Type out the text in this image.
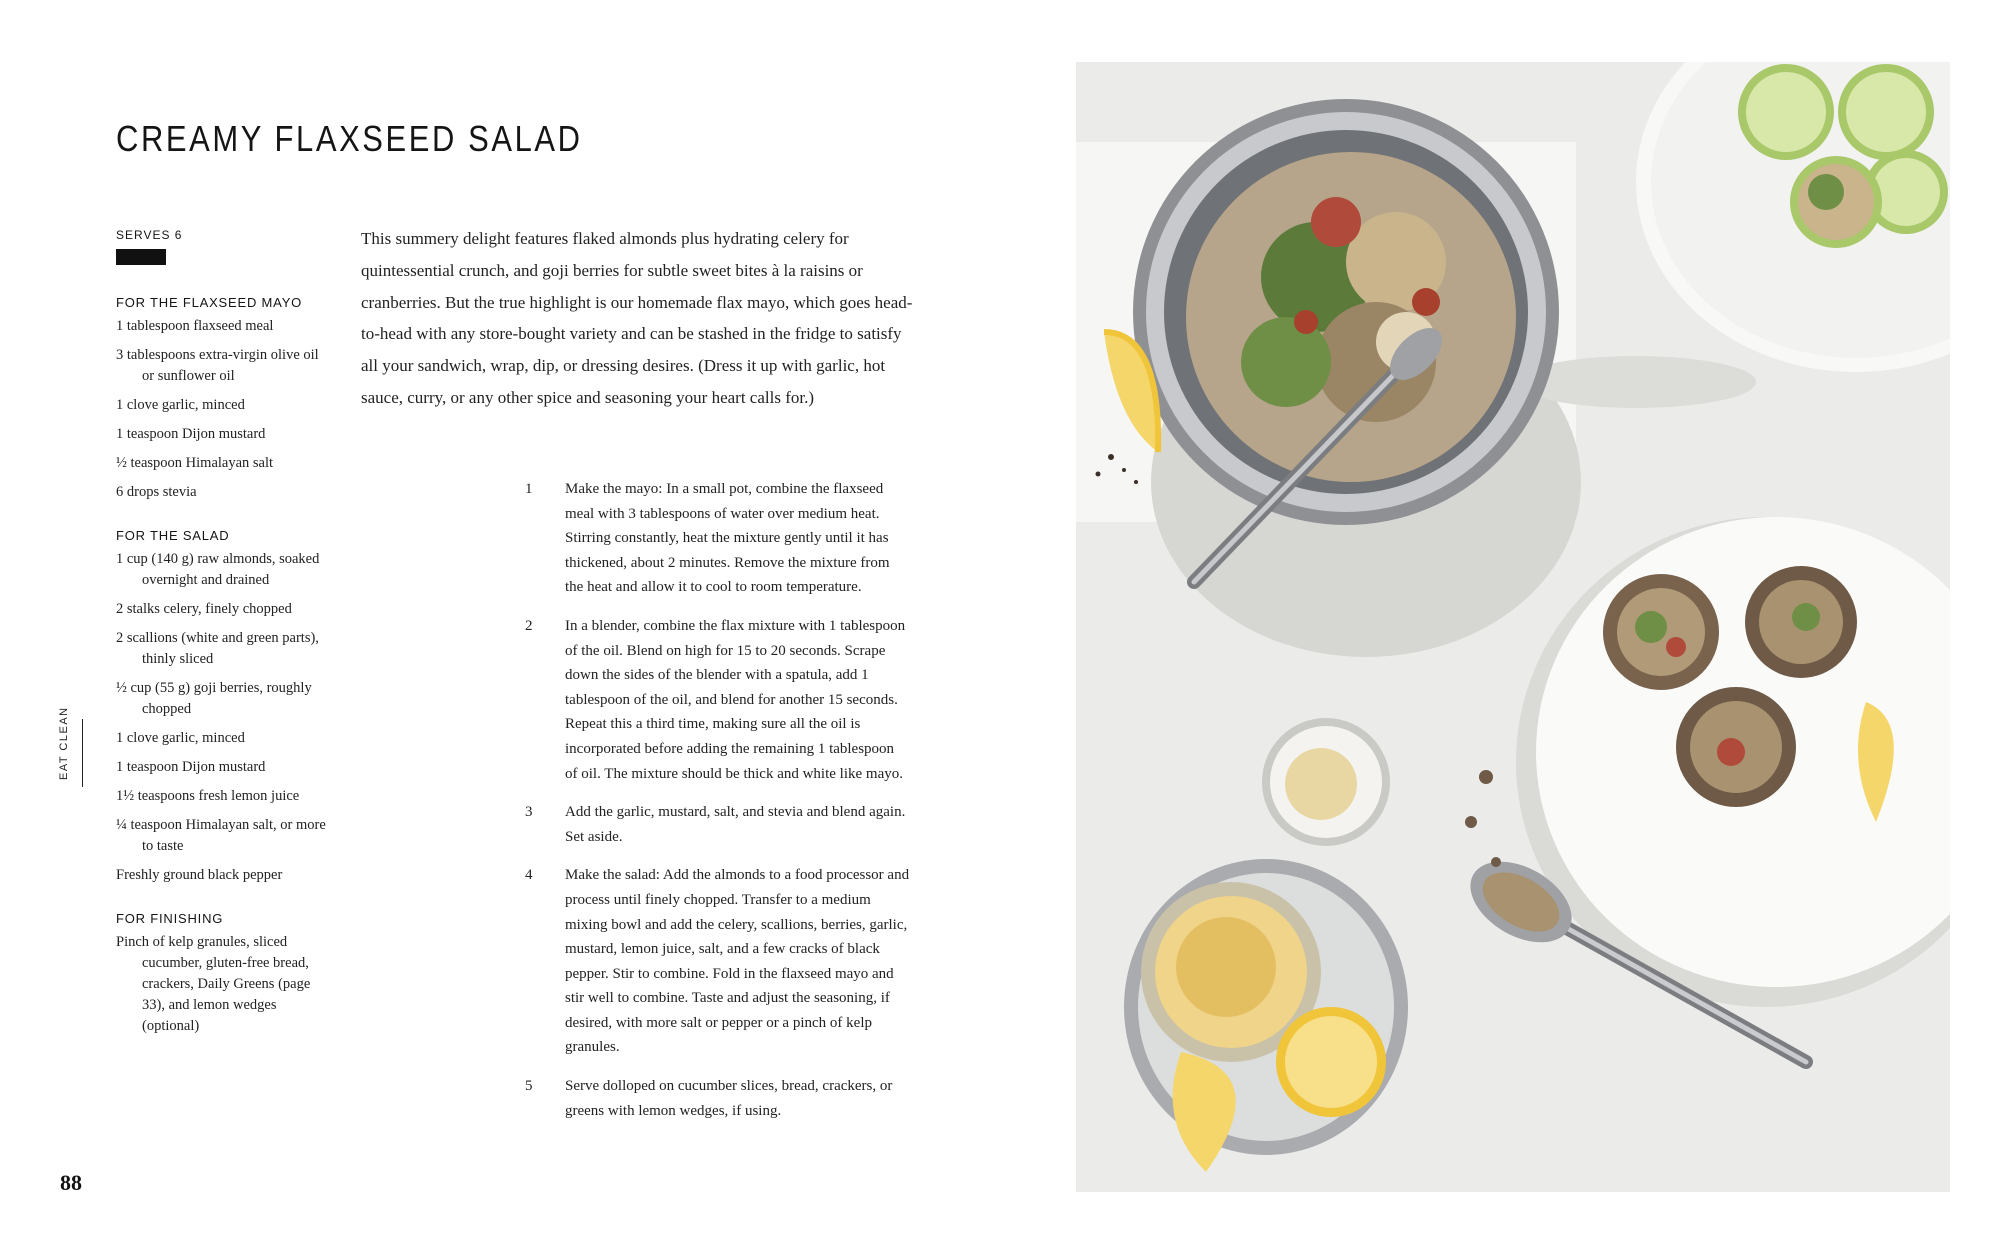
CREAMY FLAXSEED SALAD
SERVES 6
FOR THE FLAXSEED MAYO
1 tablespoon flaxseed meal
3 tablespoons extra-virgin olive oil or sunflower oil
1 clove garlic, minced
1 teaspoon Dijon mustard
½ teaspoon Himalayan salt
6 drops stevia
FOR THE SALAD
1 cup (140 g) raw almonds, soaked overnight and drained
2 stalks celery, finely chopped
2 scallions (white and green parts), thinly sliced
½ cup (55 g) goji berries, roughly chopped
1 clove garlic, minced
1 teaspoon Dijon mustard
1½ teaspoons fresh lemon juice
¼ teaspoon Himalayan salt, or more to taste
Freshly ground black pepper
FOR FINISHING
Pinch of kelp granules, sliced cucumber, gluten-free bread, crackers, Daily Greens (page 33), and lemon wedges (optional)

This summery delight features flaked almonds plus hydrating celery for quintessential crunch, and goji berries for subtle sweet bites à la raisins or cranberries. But the true highlight is our homemade flax mayo, which goes head-to-head with any store-bought variety and can be stashed in the fridge to satisfy all your sandwich, wrap, dip, or dressing desires. (Dress it up with garlic, hot sauce, curry, or any other spice and seasoning your heart calls for.)

1	Make the mayo: In a small pot, combine the flaxseed meal with 3 tablespoons of water over medium heat. Stirring constantly, heat the mixture gently until it has thickened, about 2 minutes. Remove the mixture from the heat and allow it to cool to room temperature.
2	In a blender, combine the flax mixture with 1 tablespoon of the oil. Blend on high for 15 to 20 seconds. Scrape down the sides of the blender with a spatula, add 1 tablespoon of the oil, and blend for another 15 seconds. Repeat this a third time, making sure all the oil is incorporated before adding the remaining 1 tablespoon of oil. The mixture should be thick and white like mayo.
3	Add the garlic, mustard, salt, and stevia and blend again. Set aside.
4	Make the salad: Add the almonds to a food processor and process until finely chopped. Transfer to a medium mixing bowl and add the celery, scallions, berries, garlic, mustard, lemon juice, salt, and a few cracks of black pepper. Stir to combine. Fold in the flaxseed mayo and stir well to combine. Taste and adjust the seasoning, if desired, with more salt or pepper or a pinch of kelp granules.
5	Serve dolloped on cucumber slices, bread, crackers, or greens with lemon wedges, if using.
EAT CLEAN
88
